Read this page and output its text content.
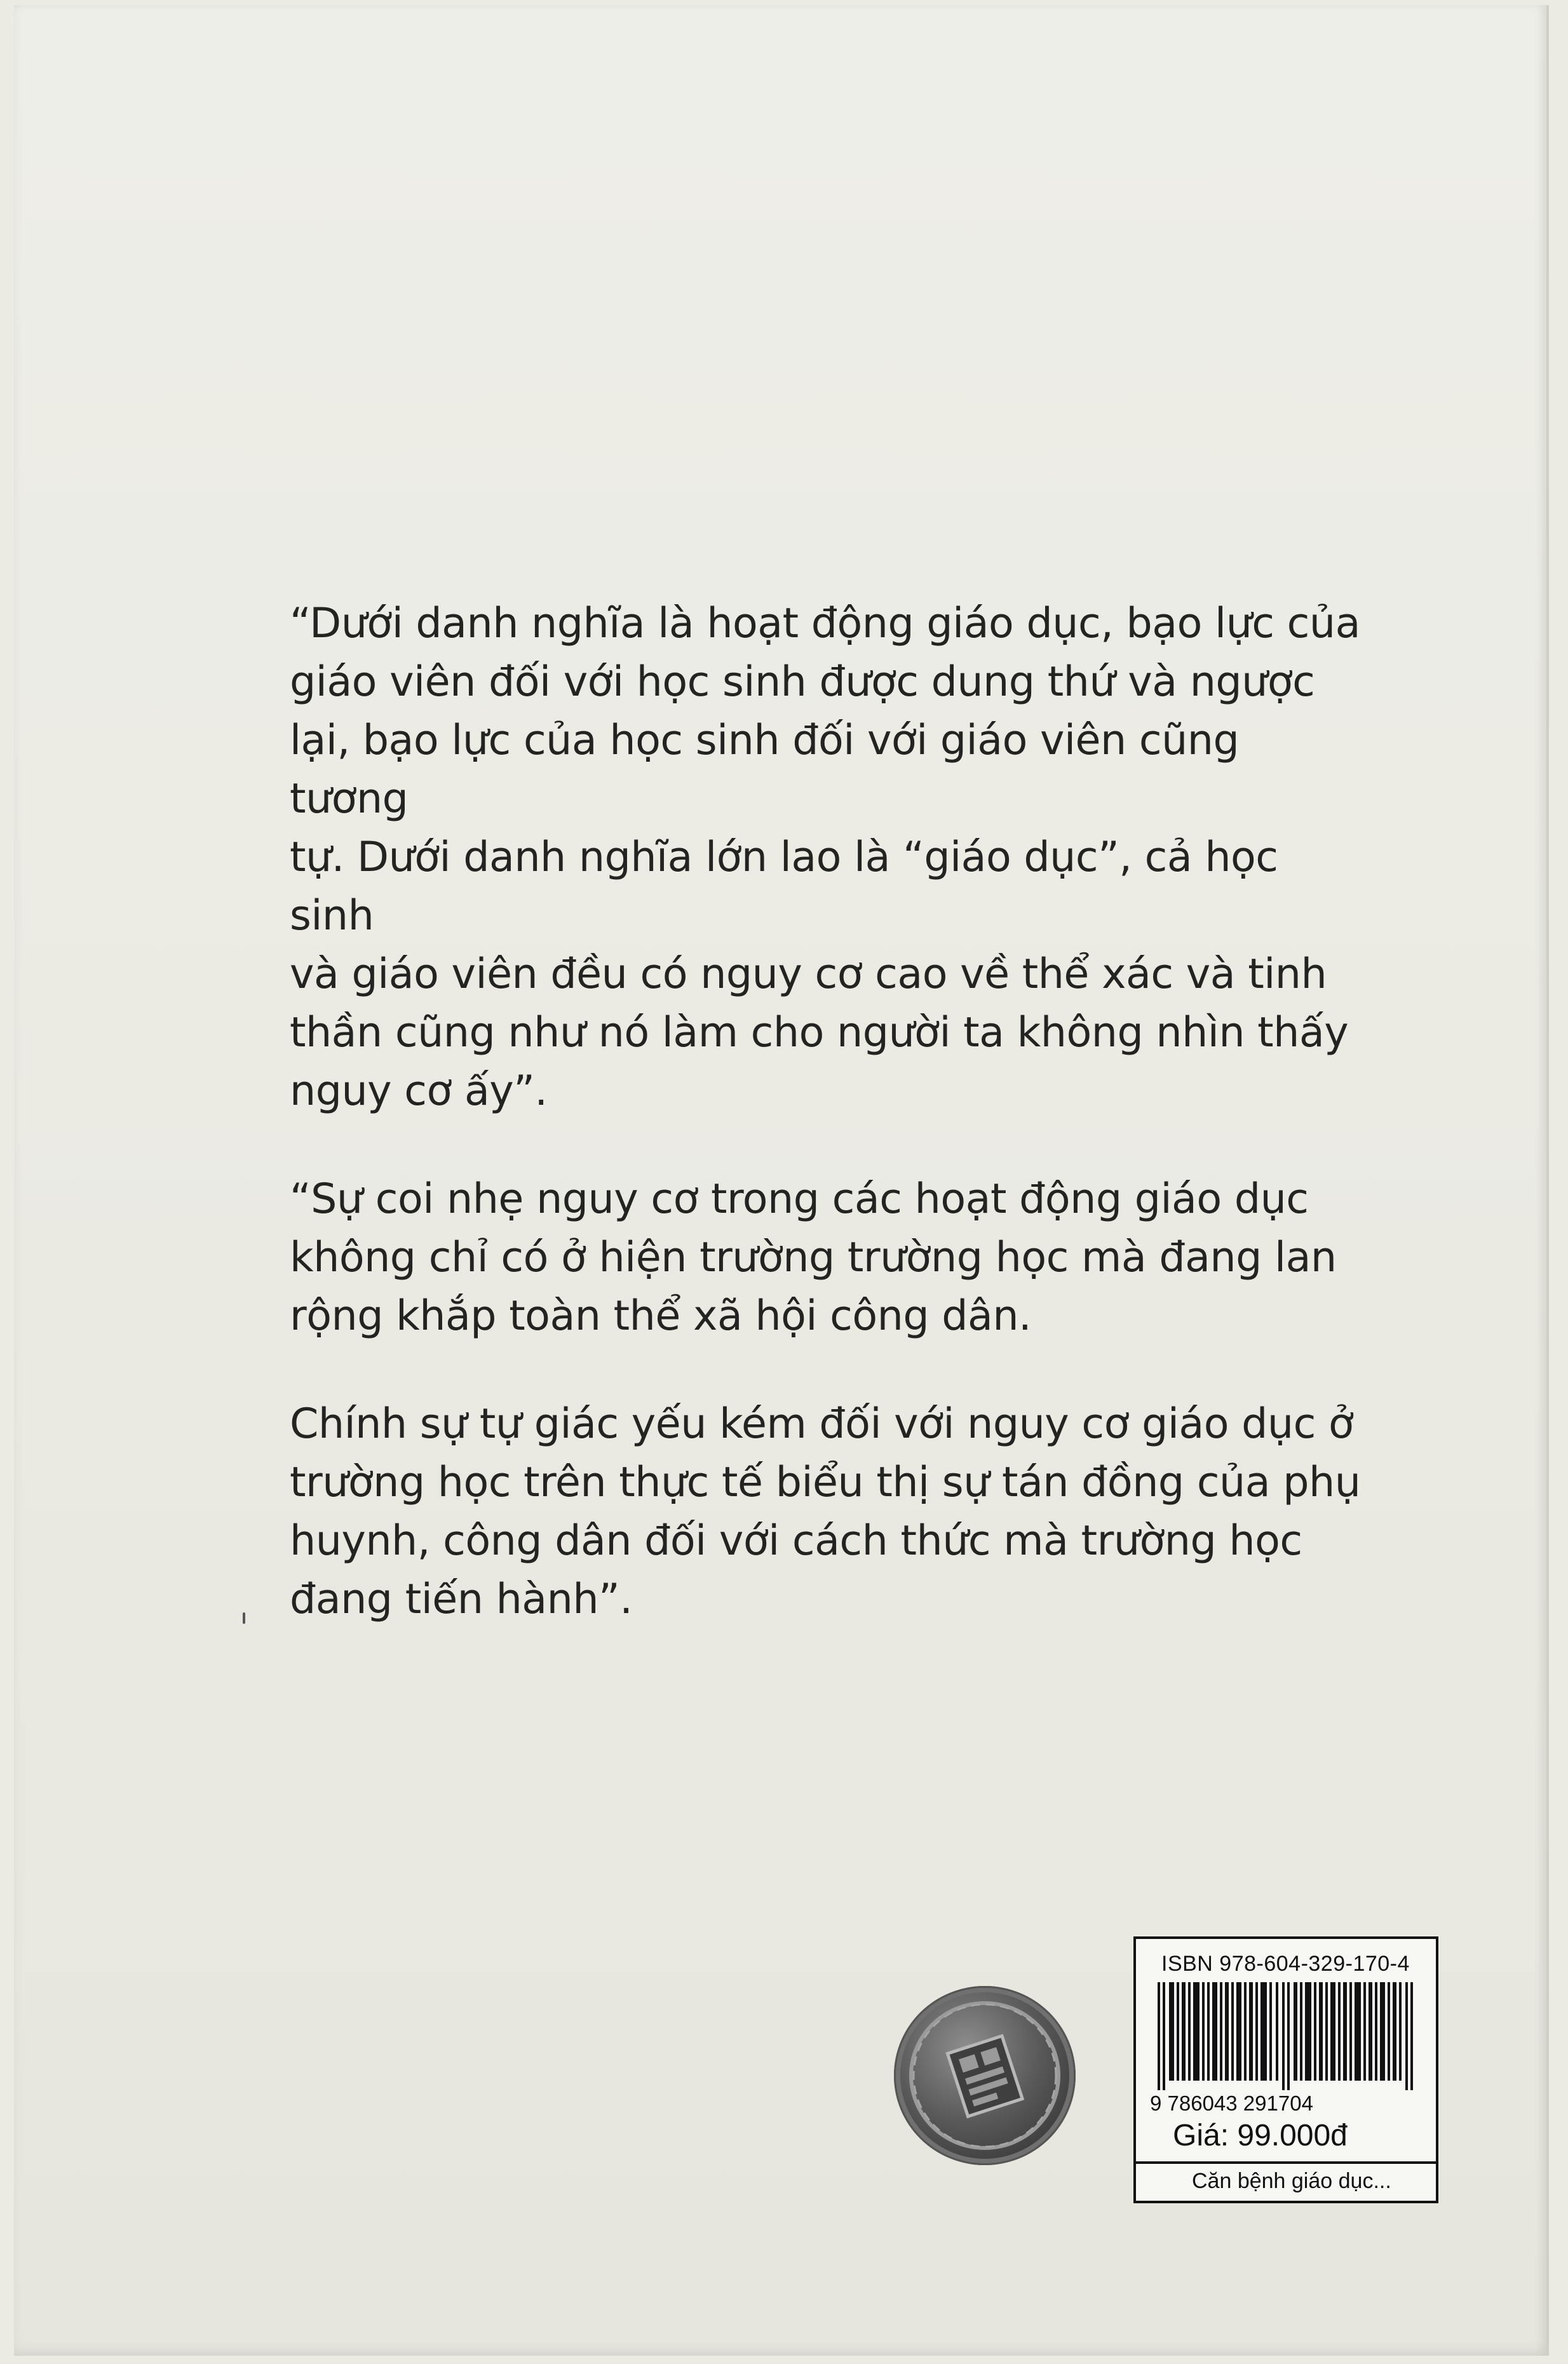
“Dưới danh nghĩa là hoạt động giáo dục, bạo lực của
giáo viên đối với học sinh được dung thứ và ngược
lại, bạo lực của học sinh đối với giáo viên cũng tương
tự. Dưới danh nghĩa lớn lao là “giáo dục”, cả học sinh
và giáo viên đều có nguy cơ cao về thể xác và tinh
thần cũng như nó làm cho người ta không nhìn thấy
nguy cơ ấy”.

“Sự coi nhẹ nguy cơ trong các hoạt động giáo dục
không chỉ có ở hiện trường trường học mà đang lan
rộng khắp toàn thể xã hội công dân.

Chính sự tự giác yếu kém đối với nguy cơ giáo dục ở
trường học trên thực tế biểu thị sự tán đồng của phụ
huynh, công dân đối với cách thức mà trường học
đang tiến hành”.

ISBN 978-604-329-170-4
9 786043 291704
Giá: 99.000đ
Căn bệnh giáo dục...
